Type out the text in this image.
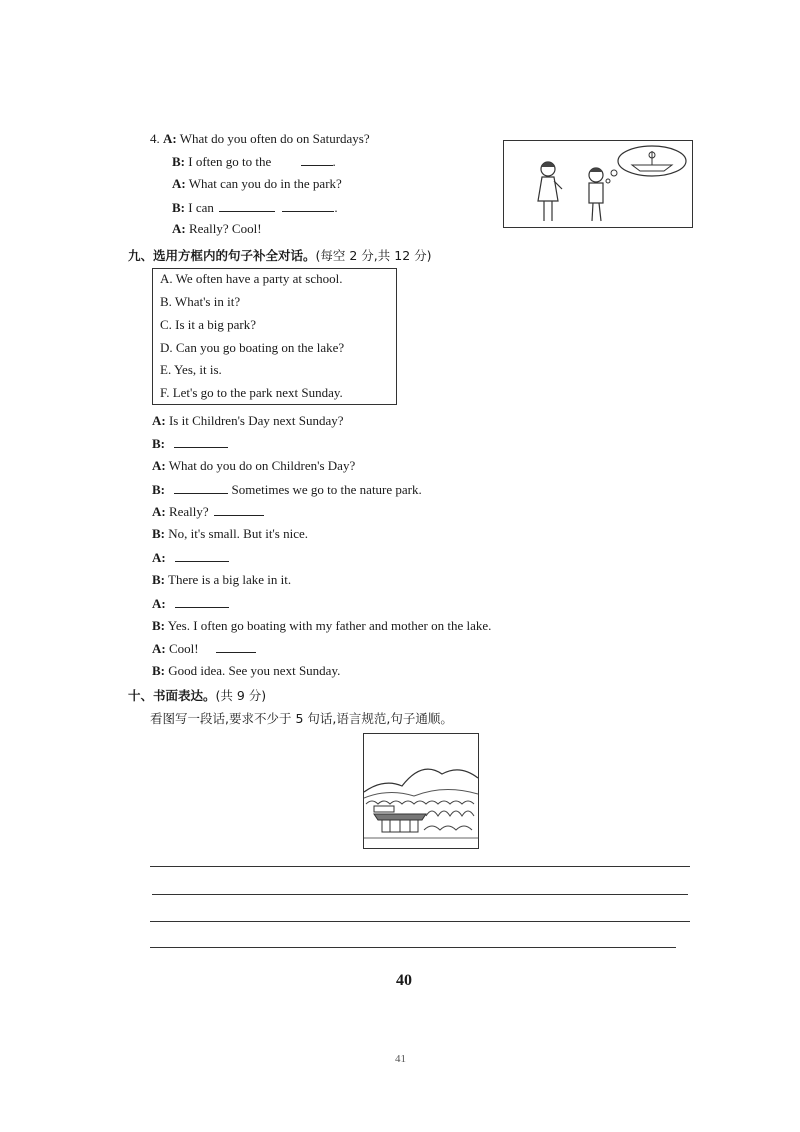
4. A: What do you often do on Saturdays?
B: I often go to the	.
A: What can you do in the park?
B: I can	.
A: Really? Cool!
九、选用方框内的句子补全对话。(每空 2 分,共 12 分)
A. We often have a party at school.
B. What's in it?
C. Is it a big park?
D. Can you go boating on the lake?
E. Yes, it is.
F. Let's go to the park next Sunday.
A: Is it Children's Day next Sunday?
B:
A: What do you do on Children's Day?
B:	Sometimes we go to the nature park.
A: Really?
B: No, it's small. But it's nice.
A:
B: There is a big lake in it.
A:
B: Yes. I often go boating with my father and mother on the lake.
A: Cool!
B: Good idea. See you next Sunday.
十、书面表达。(共 9 分)
看图写一段话,要求不少于 5 句话,语言规范,句子通顺。
40
41
